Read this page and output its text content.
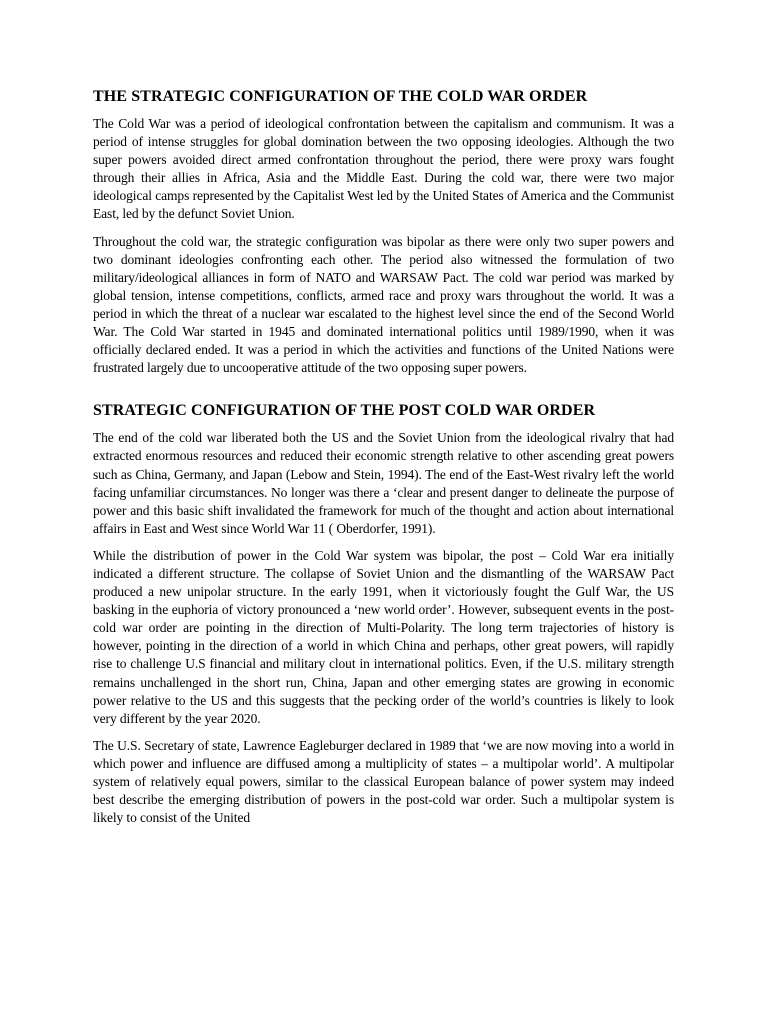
THE STRATEGIC CONFIGURATION OF THE COLD WAR ORDER

The Cold War was a period of ideological confrontation between the capitalism and communism. It was a period of intense struggles for global domination between the two opposing ideologies. Although the two super powers avoided direct armed confrontation throughout the period, there were proxy wars fought through their allies in Africa, Asia and the Middle East. During the cold war, there were two major ideological camps represented by the Capitalist West led by the United States of America and the Communist East, led by the defunct Soviet Union.

Throughout the cold war, the strategic configuration was bipolar as there were only two super powers and two dominant ideologies confronting each other. The period also witnessed the formulation of two military/ideological alliances in form of NATO and WARSAW Pact. The cold war period was marked by global tension, intense competitions, conflicts, armed race and proxy wars throughout the world. It was a period in which the threat of a nuclear war escalated to the highest level since the end of the Second World War. The Cold War started in 1945 and dominated international politics until 1989/1990, when it was officially declared ended. It was a period in which the activities and functions of the United Nations were frustrated largely due to uncooperative attitude of the two opposing super powers.

STRATEGIC CONFIGURATION OF THE POST COLD WAR ORDER

The end of the cold war liberated both the US and the Soviet Union from the ideological rivalry that had extracted enormous resources and reduced their economic strength relative to other ascending great powers such as China, Germany, and Japan (Lebow and Stein, 1994). The end of the East-West rivalry left the world facing unfamiliar circumstances. No longer was there a ‘clear and present danger to delineate the purpose of power and this basic shift invalidated the framework for much of the thought and action about international affairs in East and West since World War 11 ( Oberdorfer, 1991).

While the distribution of power in the Cold War system was bipolar, the post – Cold War era initially indicated a different structure. The collapse of Soviet Union and the dismantling of the WARSAW Pact produced a new unipolar structure. In the early 1991, when it victoriously fought the Gulf War, the US basking in the euphoria of victory pronounced a ‘new world order’. However, subsequent events in the post-cold war order are pointing in the direction of Multi-Polarity. The long term trajectories of history is however, pointing in the direction of a world in which China and perhaps, other great powers, will rapidly rise to challenge U.S financial and military clout in international politics. Even, if the U.S. military strength remains unchallenged in the short run, China, Japan and other emerging states are growing in economic power relative to the US and this suggests that the pecking order of the world’s countries is likely to look very different by the year 2020.

The U.S. Secretary of state, Lawrence Eagleburger declared in 1989 that ‘we are now moving into a world in which power and influence are diffused among a multiplicity of states – a multipolar world’. A multipolar system of relatively equal powers, similar to the classical European balance of power system may indeed best describe the emerging distribution of powers in the post-cold war order. Such a multipolar system is likely to consist of the United
